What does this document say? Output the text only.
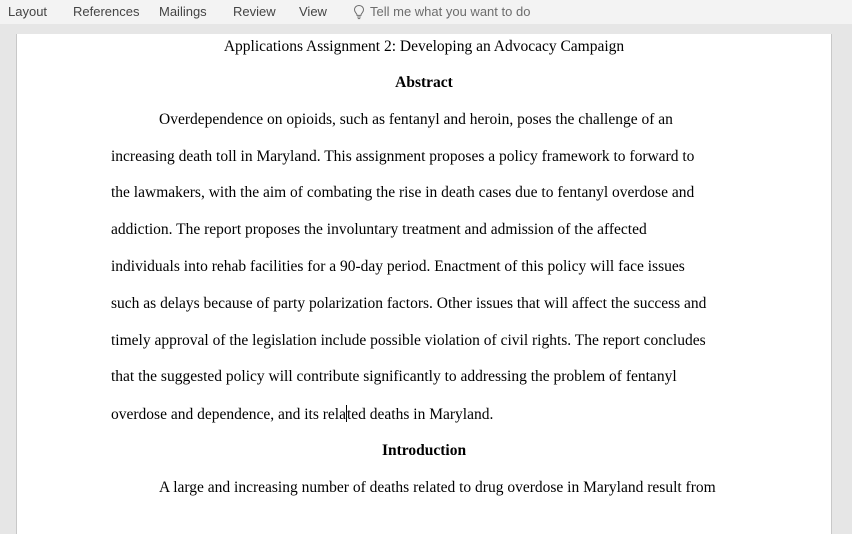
Layout References Mailings Review View	Tell me what you want to do
Applications Assignment 2: Developing an Advocacy Campaign
Abstract
Overdependence on opioids, such as fentanyl and heroin, poses the challenge of an
increasing death toll in Maryland. This assignment proposes a policy framework to forward to
the lawmakers, with the aim of combating the rise in death cases due to fentanyl overdose and
addiction. The report proposes the involuntary treatment and admission of the affected
individuals into rehab facilities for a 90-day period. Enactment of this policy will face issues
such as delays because of party polarization factors. Other issues that will affect the success and
timely approval of the legislation include possible violation of civil rights. The report concludes
that the suggested policy will contribute significantly to addressing the problem of fentanyl
overdose and dependence, and its related deaths in Maryland.
Introduction
A large and increasing number of deaths related to drug overdose in Maryland result from
